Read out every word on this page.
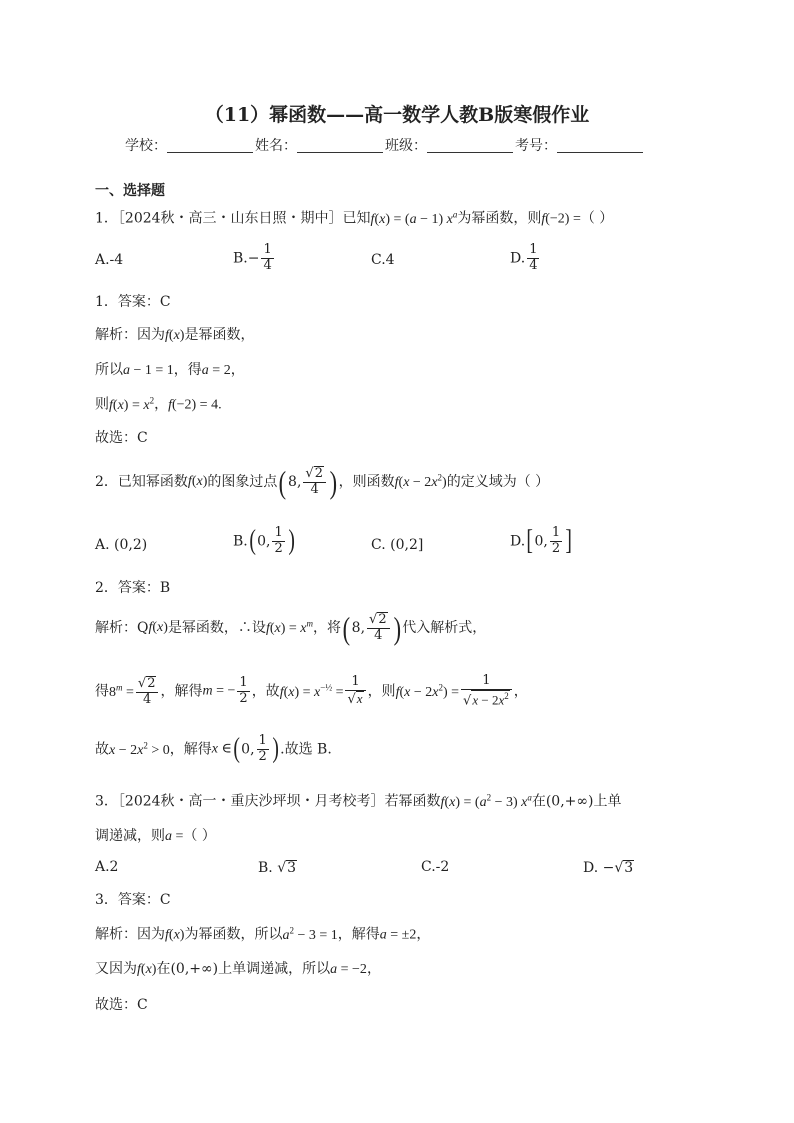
（11）幂函数——高一数学人教B版寒假作业
学校：	姓名：	班级：	考号：
一、选择题
1．［2024秋・高三・山东日照・期中］已知f(x) = (a − 1) $x^a$为幂函数，则f(−2) =（ ）
A.-4	$B.- \frac{1}{4}$	C.4	D. $\frac{1}{4}$
1．答案：C
解析：因为f(x)是幂函数，
所以a − 1 = 1，得a = 2，
则$f(x) = x^2$，f(−2) = 4.
故选：C
2．已知幂函数f(x)的图象过点( 8, $\frac{√2}{4}$ ) ，则函数$f(x - 2x^2)$的定义域为（ ）
A. (0,2)	B.(0, $\frac{1}{2}$ )	C. (0,2]	D.[0, $\frac{1}{2}$ ]
2．答案：B
解析：Qf(x)是幂函数，∴设$f(x) = x^m$，将( 8, $\frac{√2}{4}$ ) 代入解析式，
得$8^m = \frac{√2}{4}$ ，解得m = − $\frac{1}{2}$ ，故$f(x) = x^{-\frac{1}{2}} = \frac{1}{√x}$ ，则$f(x - 2x^2) = \frac{1}{√x - 2x^2}$ ，
故$x - 2x^2 > 0$，解得x ∈(0, $\frac{1}{2}$ ).故选 B.
3．［2024秋・高一・重庆沙坪坝・月考校考］若幂函数$f(x) = (a^2 - 3)$ $x^a$在(0,+∞)上单
调递减，则a =（ ）
A.2	B. √3	C.-2	D. −√3
3．答案：C
解析：因为f(x)为幂函数，所以$a^2 - 3 = 1$，解得a = ±2，
又因为f(x)在(0,+∞)上单调递减，所以a = −2，
故选：C
